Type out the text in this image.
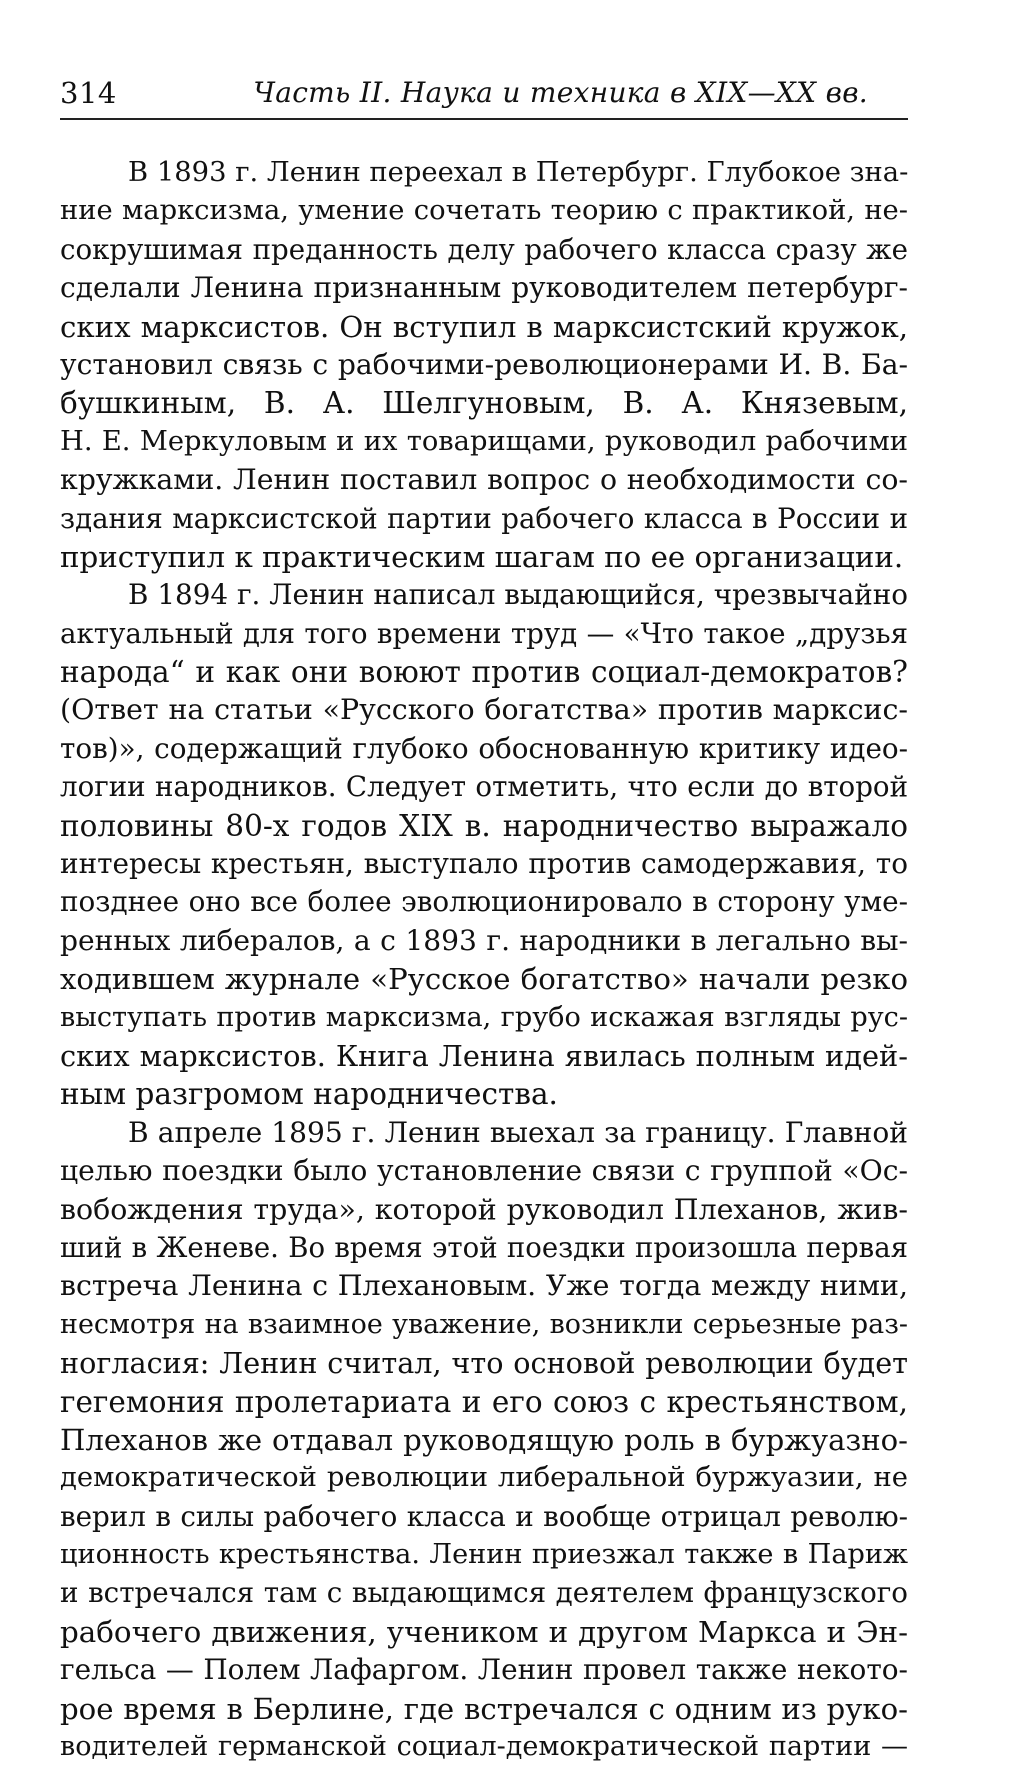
314	Часть II. Наука и техника в XIX—XX вв.

В 1893 г. Ленин переехал в Петербург. Глубокое зна-
ние марксизма, умение сочетать теорию с практикой, не-
сокрушимая преданность делу рабочего класса сразу же
сделали Ленина признанным руководителем петербург-
ских марксистов. Он вступил в марксистский кружок,
установил связь с рабочими-революционерами И. В. Ба-
бушкиным, В. А. Шелгуновым, В. А. Князевым,
Н. Е. Меркуловым и их товарищами, руководил рабочими
кружками. Ленин поставил вопрос о необходимости со-
здания марксистской партии рабочего класса в России и
приступил к практическим шагам по ее организации.

В 1894 г. Ленин написал выдающийся, чрезвычайно
актуальный для того времени труд — «Что такое „друзья
народа“ и как они воюют против социал-демократов?
(Ответ на статьи «Русского богатства» против марксис-
тов)», содержащий глубоко обоснованную критику идео-
логии народников. Следует отметить, что если до второй
половины 80-х годов XIX в. народничество выражало
интересы крестьян, выступало против самодержавия, то
позднее оно все более эволюционировало в сторону уме-
ренных либералов, а с 1893 г. народники в легально вы-
ходившем журнале «Русское богатство» начали резко
выступать против марксизма, грубо искажая взгляды рус-
ских марксистов. Книга Ленина явилась полным идей-
ным разгромом народничества.

В апреле 1895 г. Ленин выехал за границу. Главной
целью поездки было установление связи с группой «Ос-
вобождения труда», которой руководил Плеханов, жив-
ший в Женеве. Во время этой поездки произошла первая
встреча Ленина с Плехановым. Уже тогда между ними,
несмотря на взаимное уважение, возникли серьезные раз-
ногласия: Ленин считал, что основой революции будет
гегемония пролетариата и его союз с крестьянством,
Плеханов же отдавал руководящую роль в буржуазно-
демократической революции либеральной буржуазии, не
верил в силы рабочего класса и вообще отрицал револю-
ционность крестьянства. Ленин приезжал также в Париж
и встречался там с выдающимся деятелем французского
рабочего движения, учеником и другом Маркса и Эн-
гельса — Полем Лафаргом. Ленин провел также некото-
рое время в Берлине, где встречался с одним из руко-
водителей германской социал-демократической партии —
